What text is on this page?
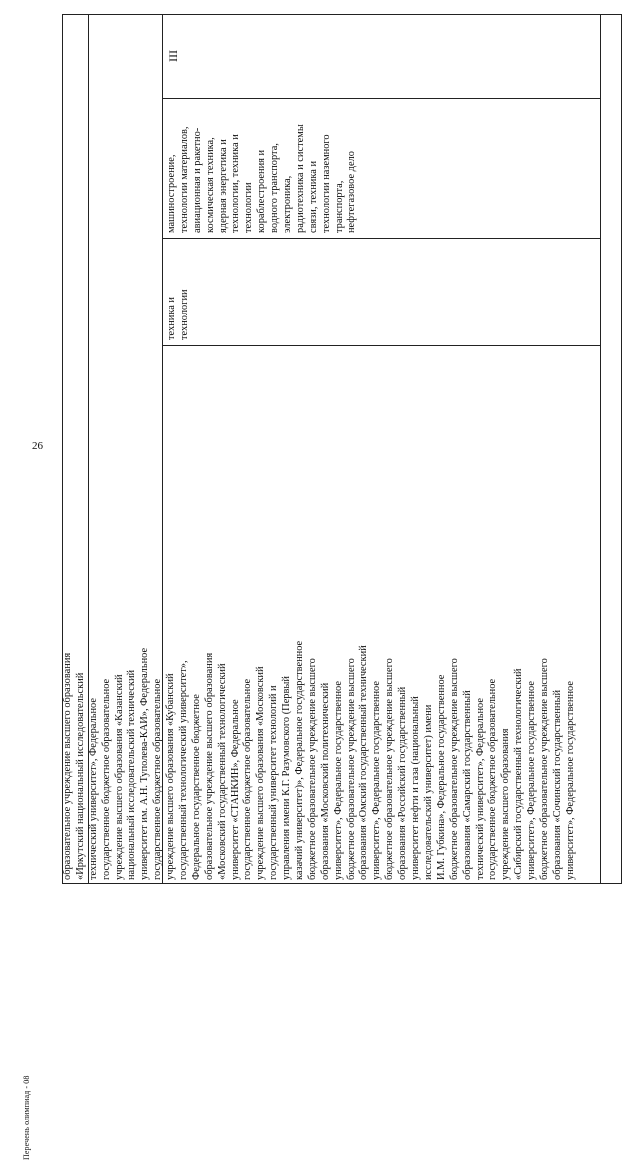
26
образовательное учреждение высшего образования «Иркутский национальный исследовательский технический университет», Федеральное государственное бюджетное образовательное учреждение высшего образования «Казанский национальный исследовательский технический университет им. А.Н. Туполева-КАИ», Федеральное государственное бюджетное образовательное учреждение высшего образования «Кубанский государственный технологический университет», Федеральное государственное бюджетное образовательное учреждение высшего образования «Московский государственный технологический университет «СТАНКИН», Федеральное государственное бюджетное образовательное учреждение высшего образования «Московский государственный университет технологий и управления имени К.Г. Разумовского (Первый казачий университет)», Федеральное государственное бюджетное образовательное учреждение высшего образования «Московский политехнический университет», Федеральное государственное бюджетное образовательное учреждение высшего образования «Омский государственный технический университет», Федеральное государственное бюджетное образовательное учреждение высшего образования «Российский государственный университет нефти и газа (национальный исследовательский университет) имени И.М. Губкина», Федеральное государственное бюджетное образовательное учреждение высшего образования «Самарский государственный технический университет», Федеральное государственное бюджетное образовательное учреждение высшего образования «Сибирский государственный технологический университет», Федеральное государственное бюджетное образовательное учреждение высшего образования «Сочинский государственный университет», Федеральное государственное
техника и технологии
машиностроение, технологии материалов, авиационная и ракетно- космическая техника, ядерная энергетика и технологии, техника и технологии кораблестроения и водного транспорта, электроника, радиотехника и системы связи, техника и технологии наземного транспорта, нефтегазовое дело
III
Перечень олимпиад - 08
